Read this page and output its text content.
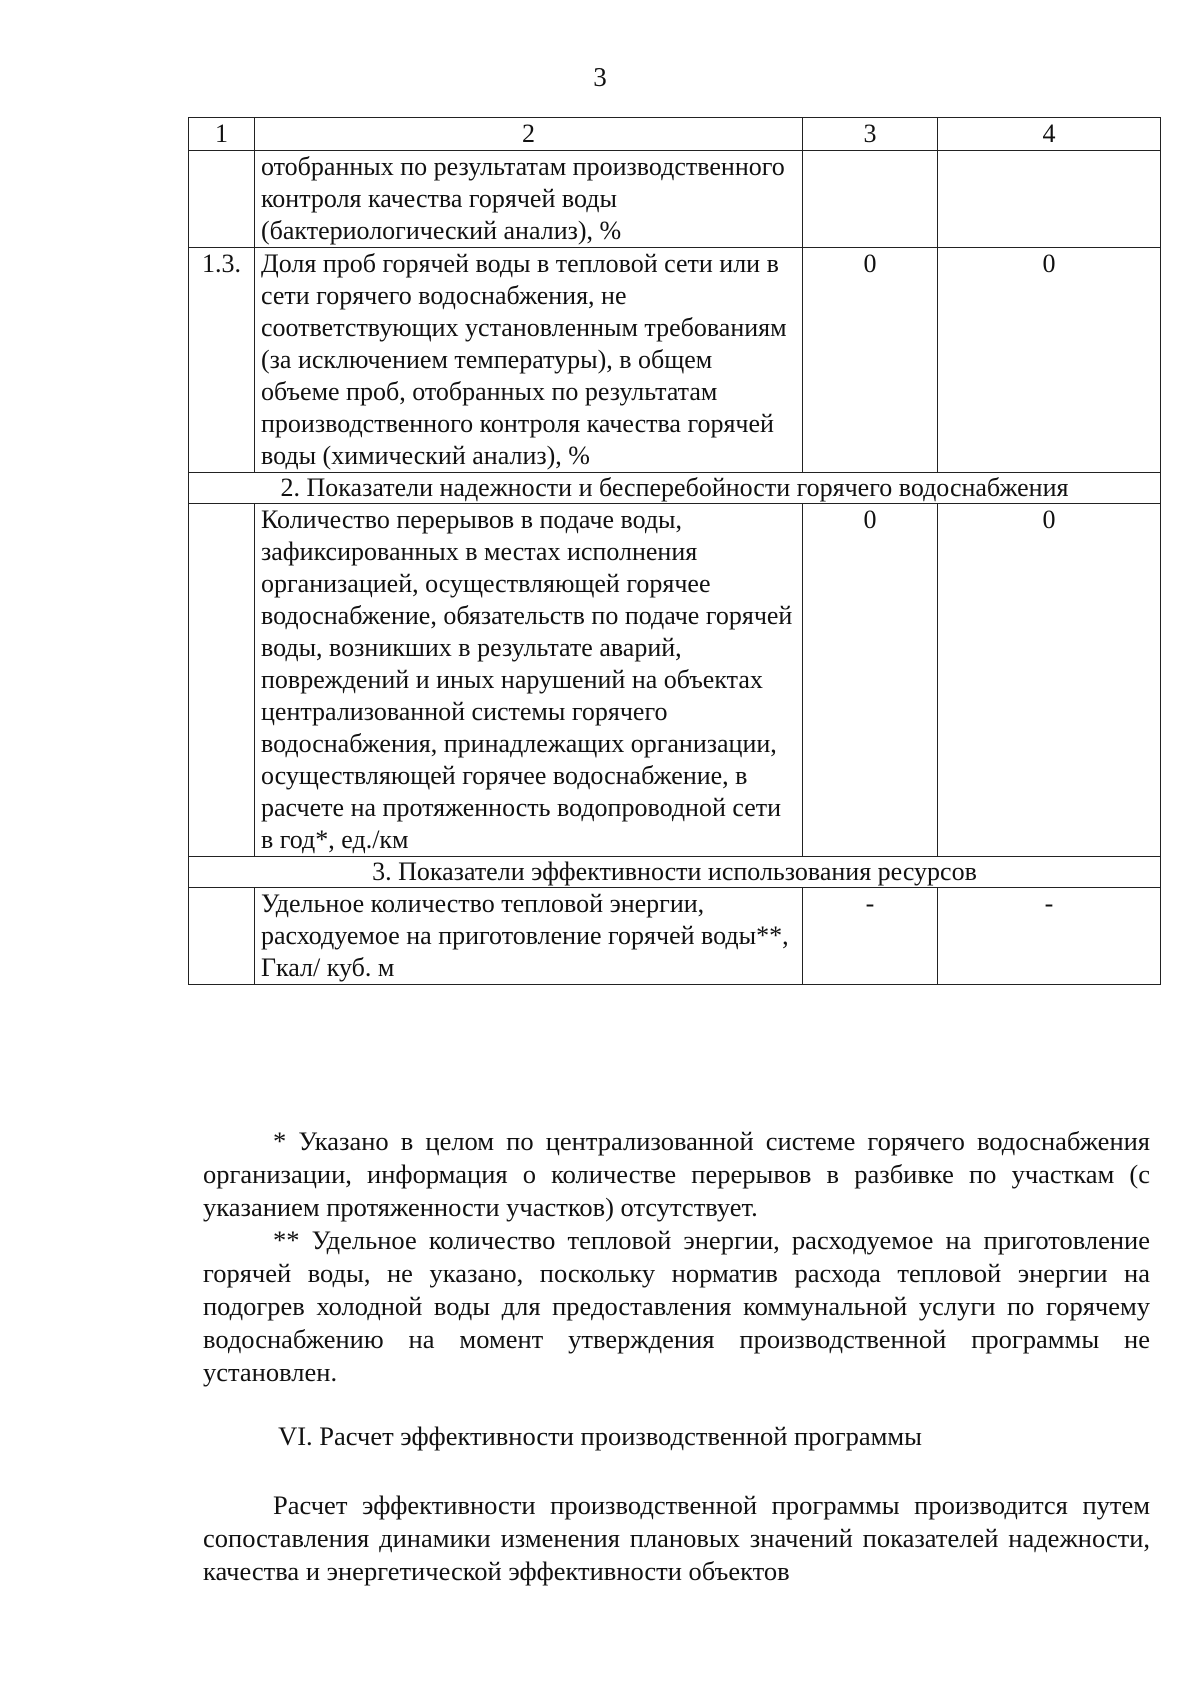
3
1	2	3	4
	отобранных по результатам производственного контроля качества горячей воды (бактериологический анализ), %		
1.3.	Доля проб горячей воды в тепловой сети или в сети горячего водоснабжения, не соответствующих установленным требованиям (за исключением температуры), в общем объеме проб, отобранных по результатам производственного контроля качества горячей воды (химический анализ), %	0	0
2. Показатели надежности и бесперебойности горячего водоснабжения			
	Количество перерывов в подаче воды, зафиксированных в местах исполнения организацией, осуществляющей горячее водоснабжение, обязательств по подаче горячей воды, возникших в результате аварий, повреждений и иных нарушений на объектах централизованной системы горячего водоснабжения, принадлежащих организации, осуществляющей горячее водоснабжение, в расчете на протяженность водопроводной сети в год*, ед./км	0	0
3. Показатели эффективности использования ресурсов			
	Удельное количество тепловой энергии, расходуемое на приготовление горячей воды**, Гкал/ куб. м	-	-
* Указано в целом по централизованной системе горячего водоснабжения организации, информация о количестве перерывов в разбивке по участкам (с указанием протяженности участков) отсутствует.
** Удельное количество тепловой энергии, расходуемое на приготовление горячей воды, не указано, поскольку норматив расхода тепловой энергии на подогрев холодной воды для предоставления коммунальной услуги по горячему водоснабжению на момент утверждения производственной программы не установлен.
VI. Расчет эффективности производственной программы
Расчет эффективности производственной программы производится путем сопоставления динамики изменения плановых значений показателей надежности, качества и энергетической эффективности объектов
